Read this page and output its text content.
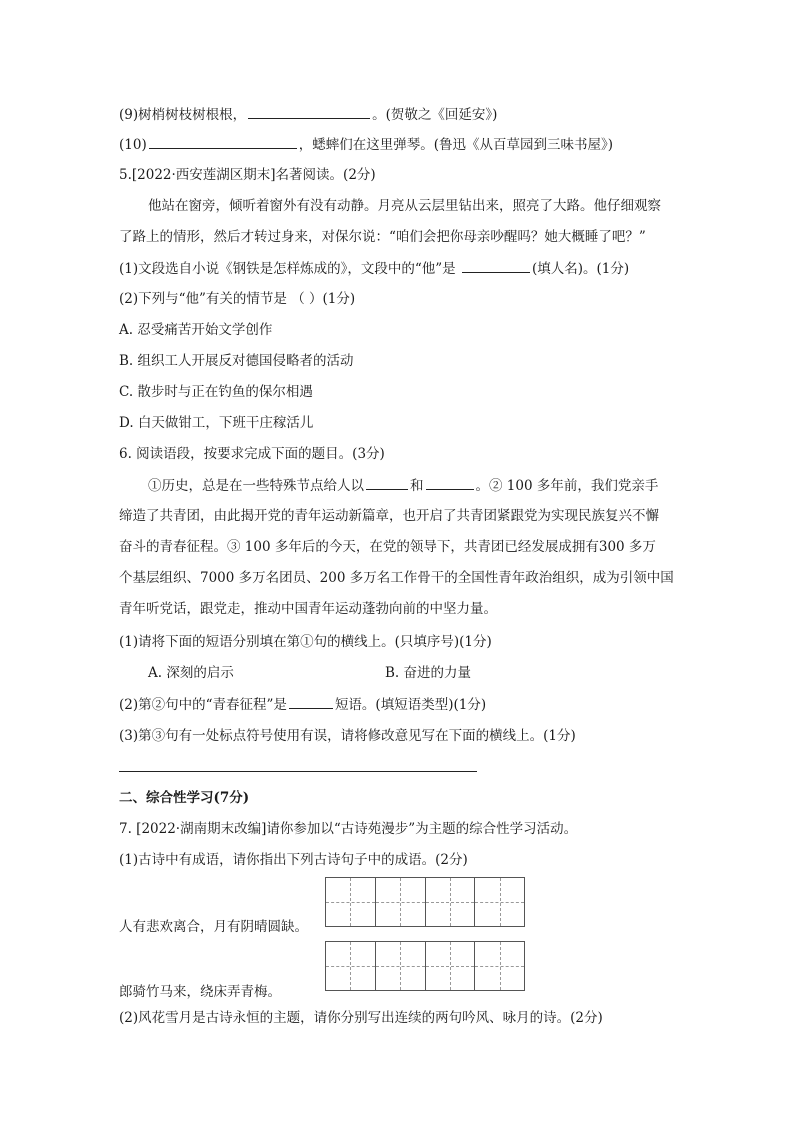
(9)树梢树枝树根根，	。(贺敬之《回延安》)
(10)	，蟋蟀们在这里弹琴。(鲁迅《从百草园到三味书屋》)
5.[2022·西安莲湖区期末]名著阅读。(2分)
他站在窗旁，倾听着窗外有没有动静。月亮从云层里钻出来，照亮了大路。他仔细观察
了路上的情形，然后才转过身来，对保尔说：“咱们会把你母亲吵醒吗？她大概睡了吧？”
(1)文段选自小说《钢铁是怎样炼成的》，文段中的“他”是	(填人名)。(1分)
(2)下列与“他”有关的情节是 （ ）(1分)
A. 忍受痛苦开始文学创作
B. 组织工人开展反对德国侵略者的活动
C. 散步时与正在钓鱼的保尔相遇
D. 白天做钳工，下班干庄稼活儿
6. 阅读语段，按要求完成下面的题目。(3分)
①历史，总是在一些特殊节点给人以	和	。② 100 多年前，我们党亲手
缔造了共青团，由此揭开党的青年运动新篇章，也开启了共青团紧跟党为实现民族复兴不懈
奋斗的青春征程。③ 100 多年后的今天，在党的领导下，共青团已经发展成拥有300 多万
个基层组织、7000 多万名团员、200 多万名工作骨干的全国性青年政治组织，成为引领中国
青年听党话，跟党走，推动中国青年运动蓬勃向前的中坚力量。
(1)请将下面的短语分别填在第①句的横线上。(只填序号)(1分)
A. 深刻的启示	B. 奋进的力量
(2)第②句中的“青春征程”是	短语。(填短语类型)(1分)
(3)第③句有一处标点符号使用有误，请将修改意见写在下面的横线上。(1分)
二、综合性学习(7分)
7. [2022·湖南期末改编]请你参加以“古诗苑漫步”为主题的综合性学习活动。
(1)古诗中有成语，请你指出下列古诗句子中的成语。(2分)
人有悲欢离合，月有阴晴圆缺。
郎骑竹马来，绕床弄青梅。
(2)风花雪月是古诗永恒的主题，请你分别写出连续的两句吟风、咏月的诗。(2分)
